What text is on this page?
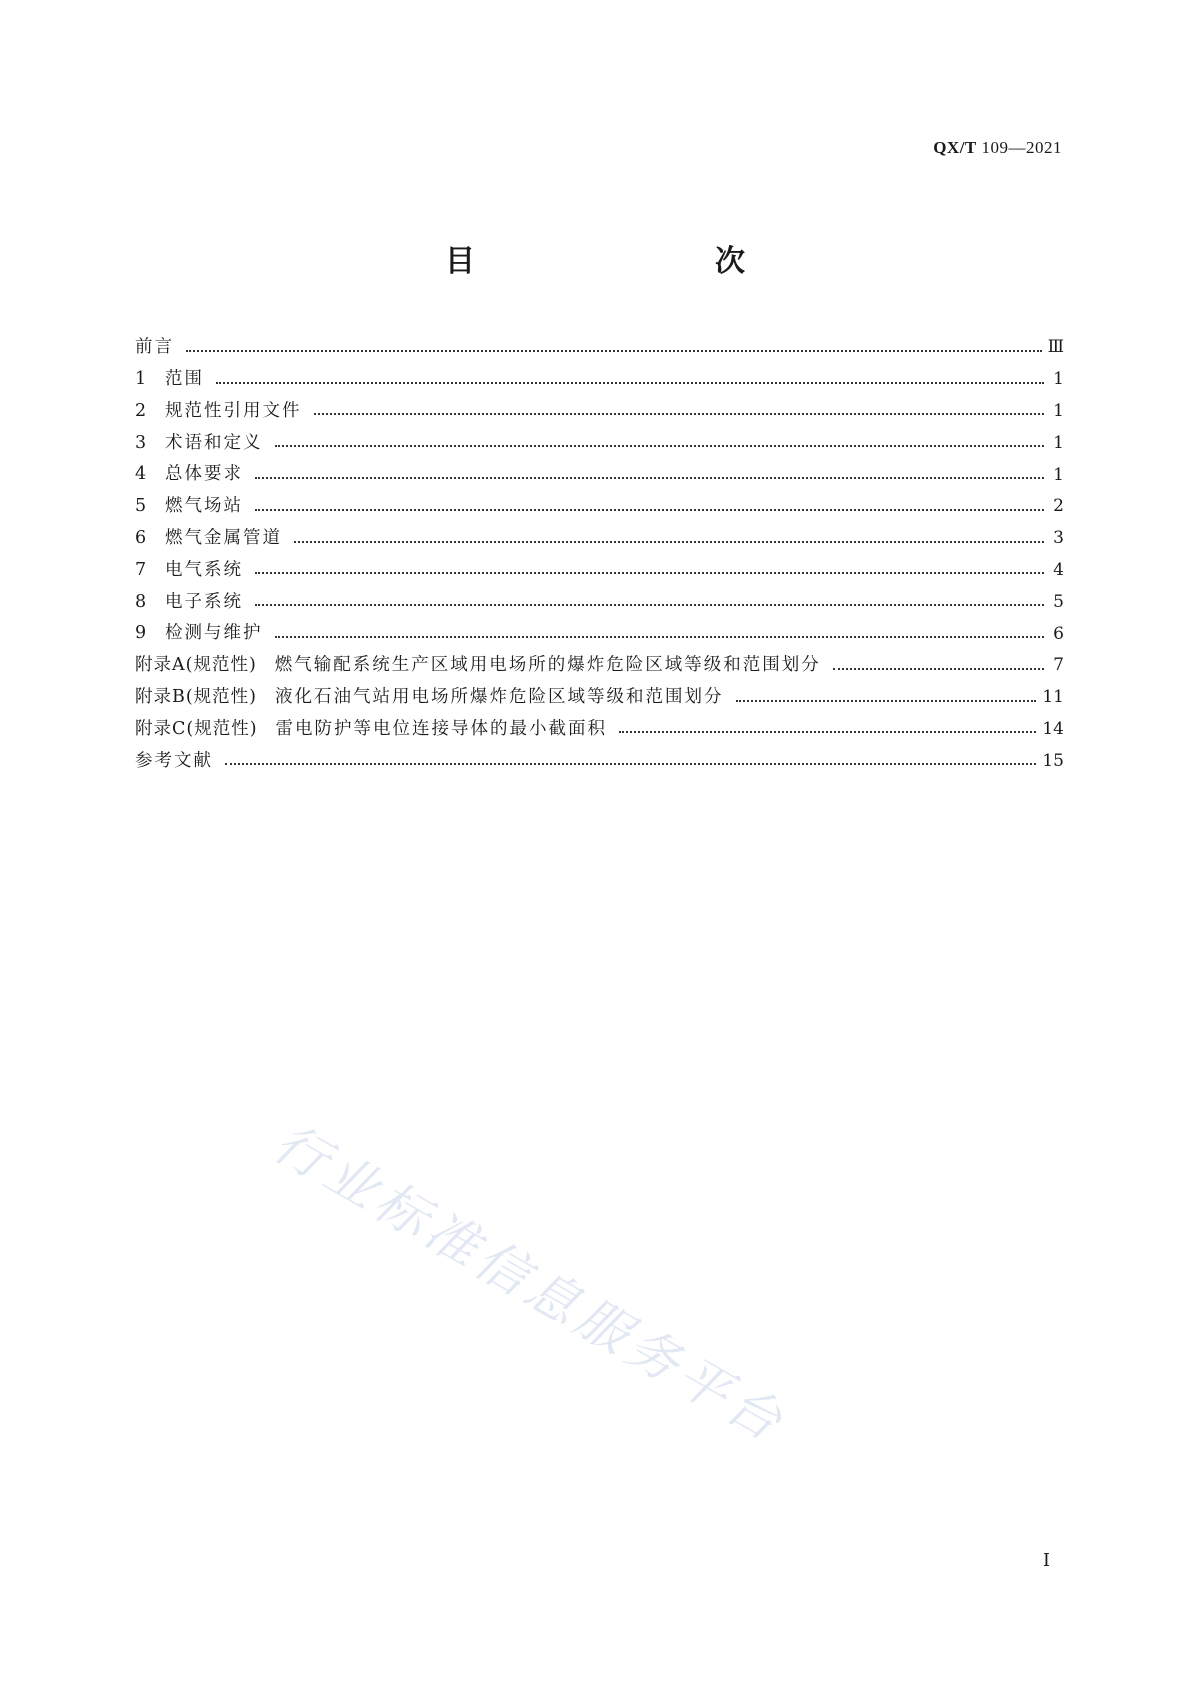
QX/T 109—2021
目　　次
前言	Ⅲ
1 范围	1
2 规范性引用文件	1
3 术语和定义	1
4 总体要求	1
5 燃气场站	2
6 燃气金属管道	3
7 电气系统	4
8 电子系统	5
9 检测与维护	6
附录A(规范性) 燃气输配系统生产区域用电场所的爆炸危险区域等级和范围划分	7
附录B(规范性) 液化石油气站用电场所爆炸危险区域等级和范围划分	11
附录C(规范性) 雷电防护等电位连接导体的最小截面积	14
参考文献	15
行业标准信息服务平台
I
